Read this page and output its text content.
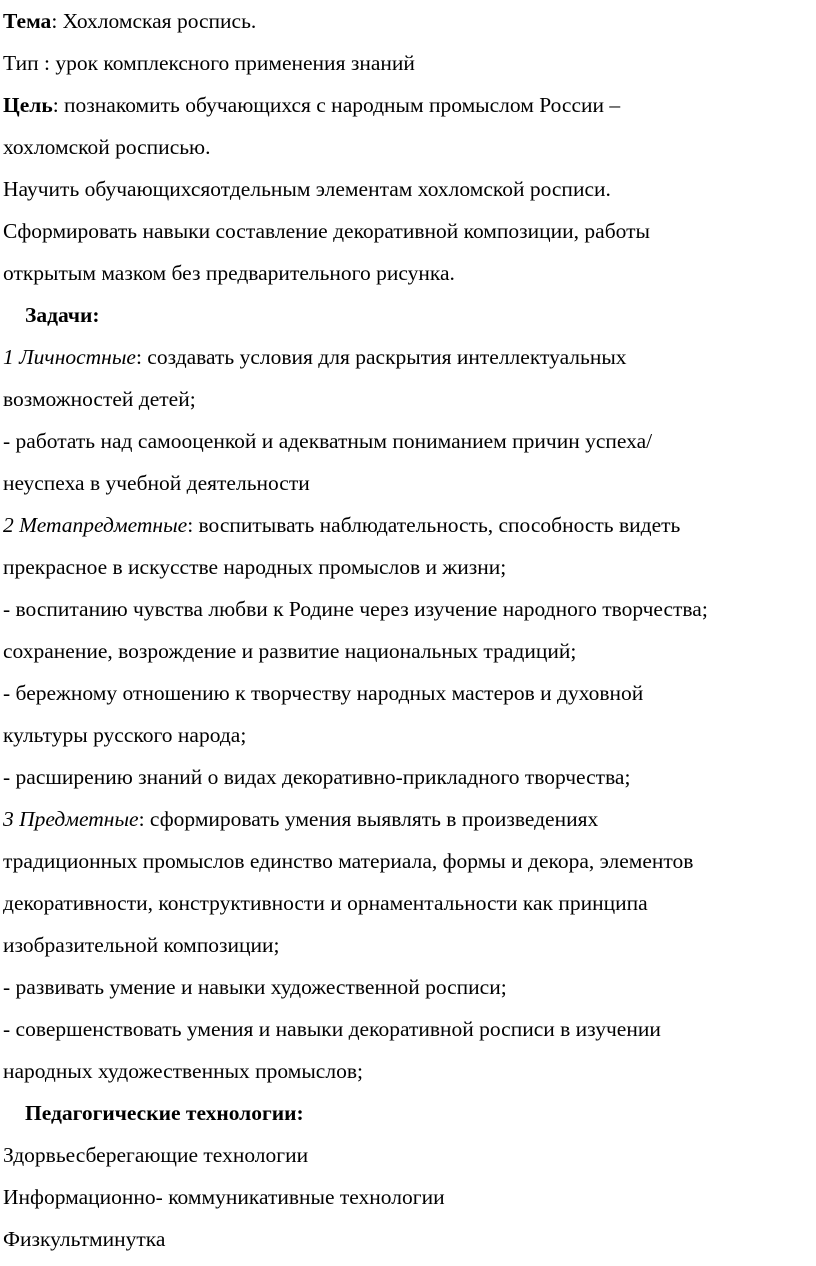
Тема: Хохломская роспись.
Тип : урок комплексного применения знаний
Цель: познакомить обучающихся с народным промыслом России –
хохломской росписью.
Научить обучающихсяотдельным элементам хохломской росписи.
Сформировать навыки составление декоративной композиции, работы
открытым мазком без предварительного рисунка.
Задачи:
1 Личностные: создавать условия для раскрытия интеллектуальных
возможностей детей;
- работать над самооценкой и адекватным пониманием причин успеха/
неуспеха в учебной деятельности
2 Метапредметные: воспитывать наблюдательность, способность видеть
прекрасное в искусстве народных промыслов и жизни;
- воспитанию чувства любви к Родине через изучение народного творчества;
сохранение, возрождение и развитие национальных традиций;
- бережному отношению к творчеству народных мастеров и духовной
культуры русского народа;
- расширению знаний о видах декоративно-прикладного творчества;
3 Предметные: сформировать умения выявлять в произведениях
традиционных промыслов единство материала, формы и декора, элементов
декоративности, конструктивности и орнаментальности как принципа
изобразительной композиции;
- развивать умение и навыки художественной росписи;
- совершенствовать умения и навыки декоративной росписи в изучении
народных художественных промыслов;
Педагогические технологии:
Здорвьесберегающие технологии
Информационно- коммуникативные технологии
Физкультминутка
